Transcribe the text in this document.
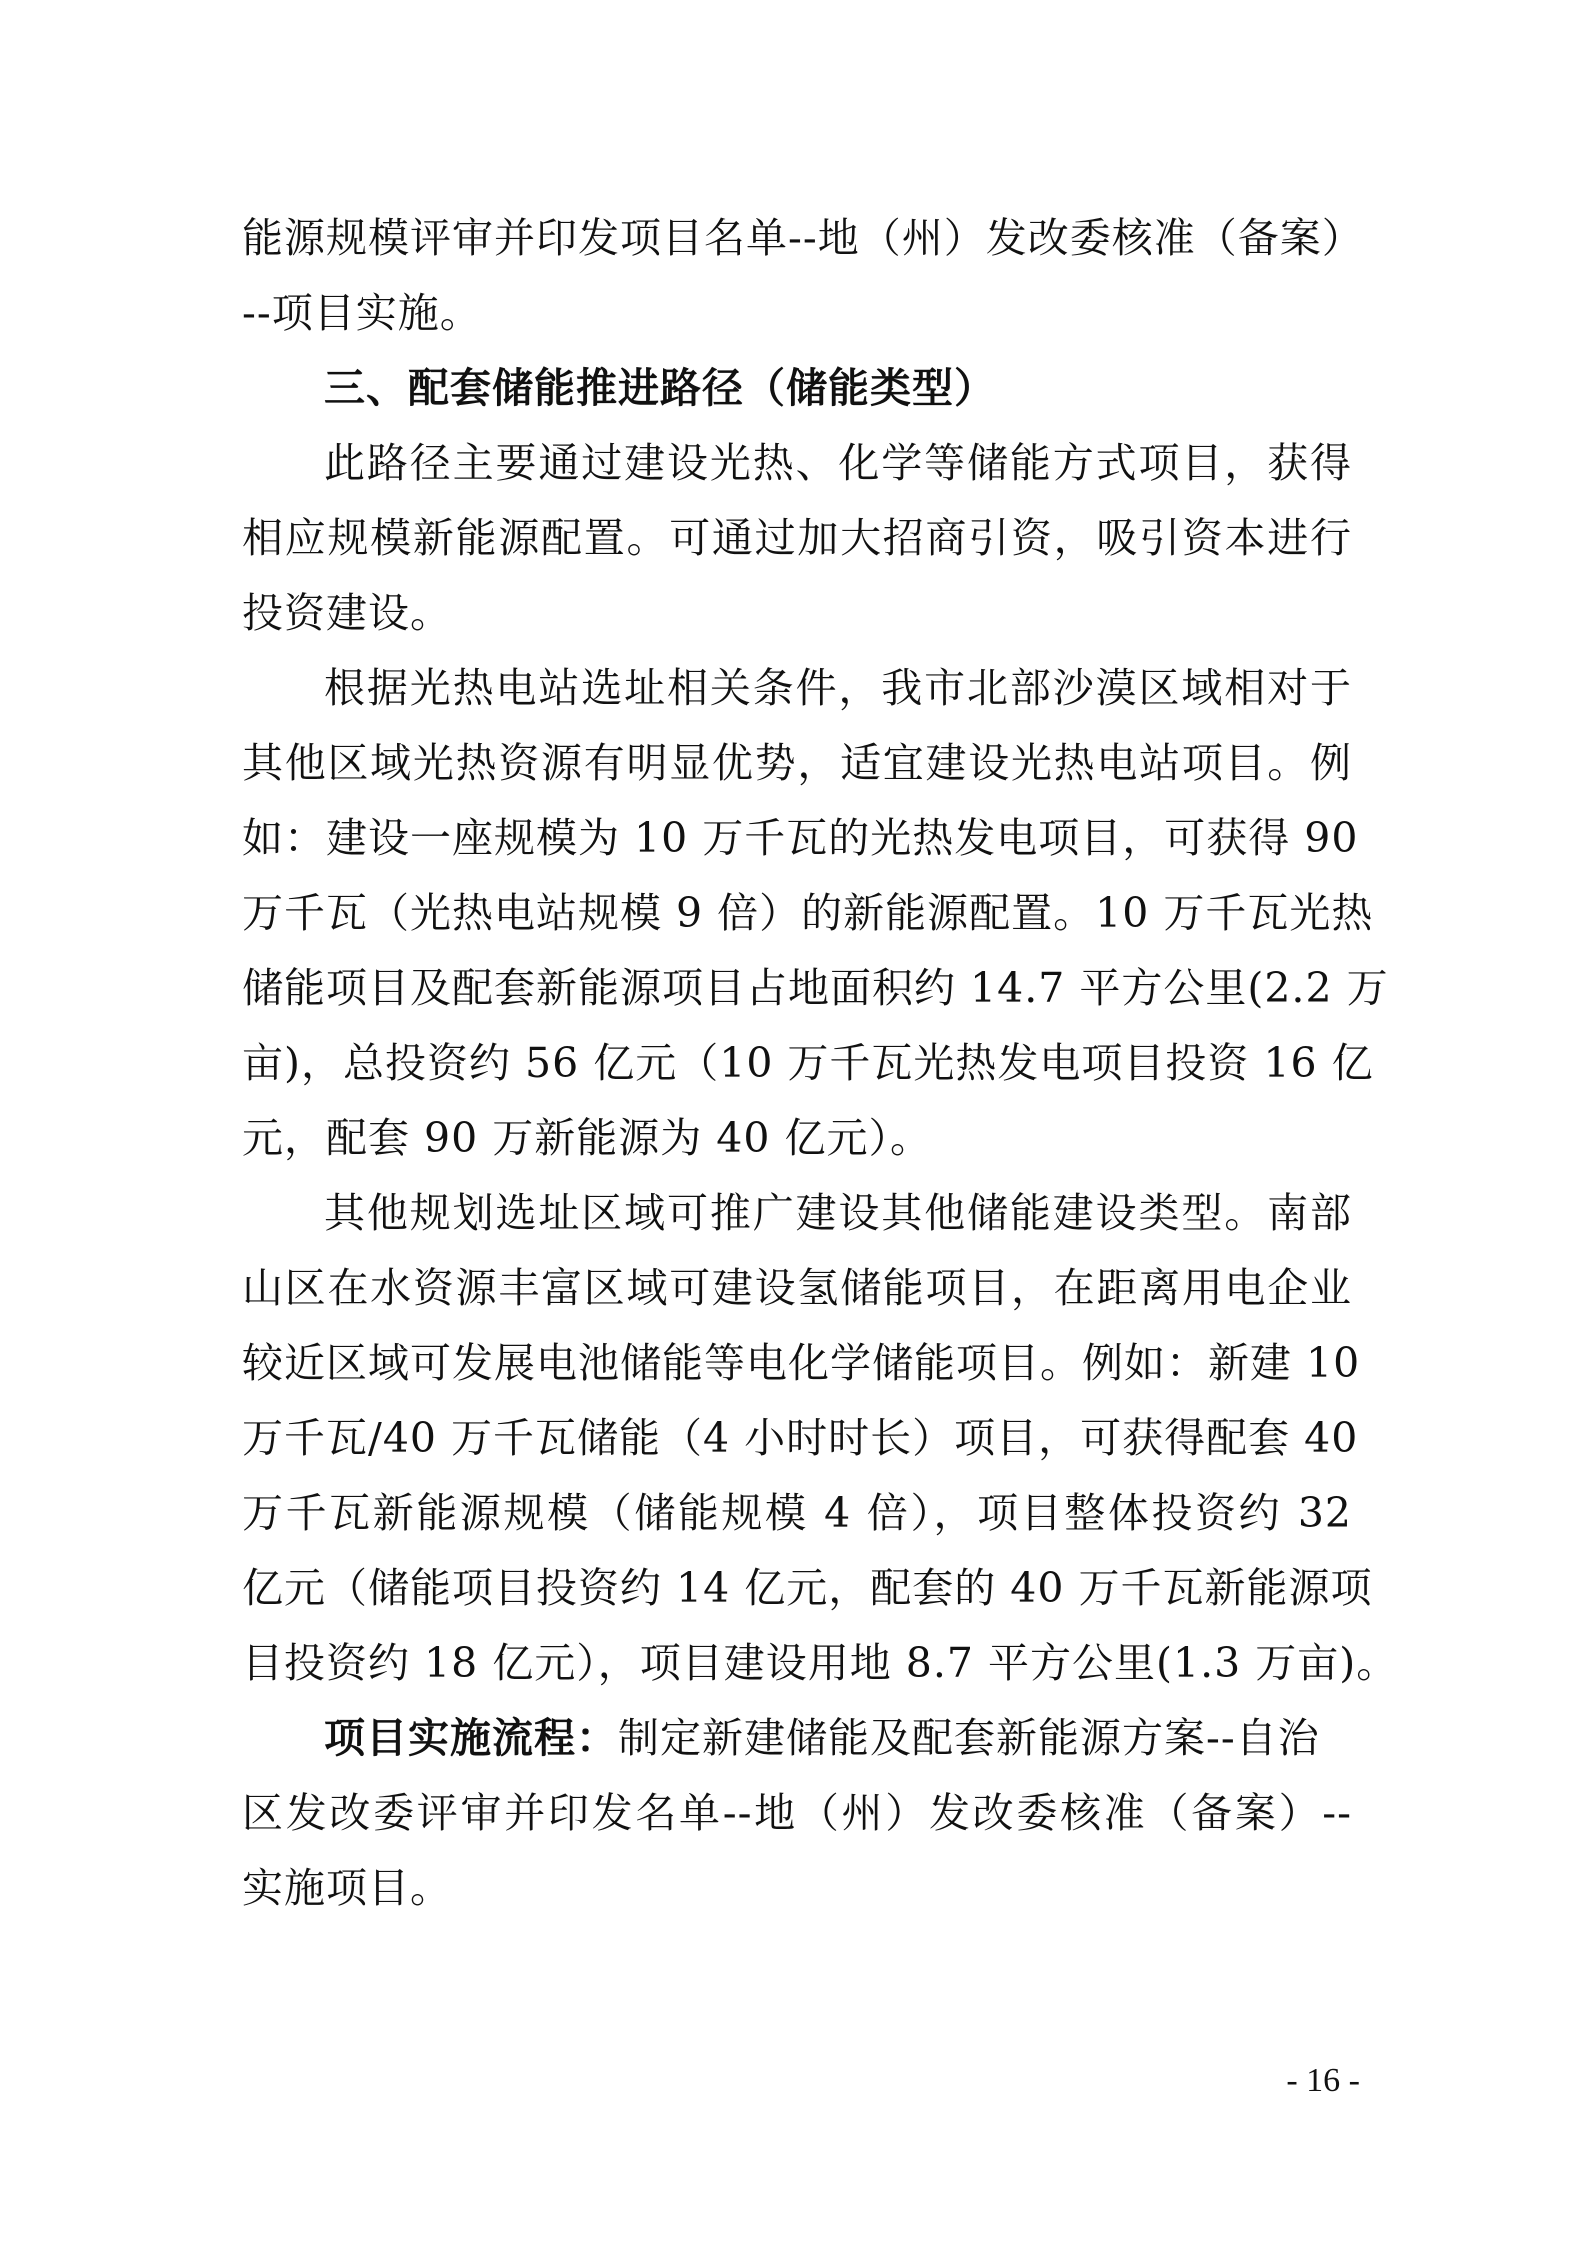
能源规模评审并印发项目名单--地（州）发改委核准（备案）
--项目实施。
三、配套储能推进路径（储能类型）
此路径主要通过建设光热、化学等储能方式项目，获得
相应规模新能源配置。可通过加大招商引资，吸引资本进行
投资建设。
根据光热电站选址相关条件，我市北部沙漠区域相对于
其他区域光热资源有明显优势，适宜建设光热电站项目。例
如：建设一座规模为 10 万千瓦的光热发电项目，可获得 90
万千瓦（光热电站规模 9 倍）的新能源配置。10 万千瓦光热
储能项目及配套新能源项目占地面积约 14.7 平方公里(2.2 万
亩)，总投资约 56 亿元（10 万千瓦光热发电项目投资 16 亿
元，配套 90 万新能源为 40 亿元）。
其他规划选址区域可推广建设其他储能建设类型。南部
山区在水资源丰富区域可建设氢储能项目，在距离用电企业
较近区域可发展电池储能等电化学储能项目。例如：新建 10
万千瓦/40 万千瓦储能（4 小时时长）项目，可获得配套 40
万千瓦新能源规模（储能规模 4 倍），项目整体投资约 32
亿元（储能项目投资约 14 亿元，配套的 40 万千瓦新能源项
目投资约 18 亿元），项目建设用地 8.7 平方公里(1.3 万亩)。
项目实施流程：制定新建储能及配套新能源方案--自治
区发改委评审并印发名单--地（州）发改委核准（备案）--
实施项目。
- 16 -
